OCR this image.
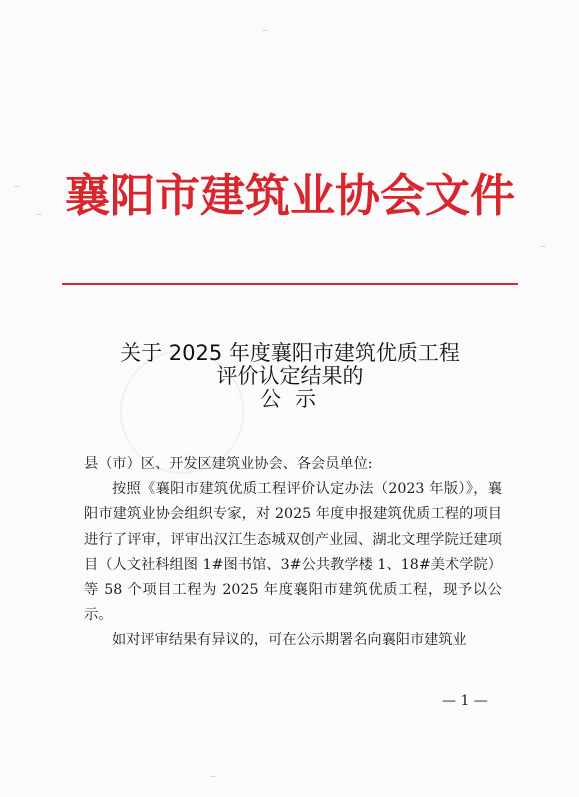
襄阳市建筑业协会文件
关于 2025 年度襄阳市建筑优质工程
评价认定结果的
公示

县（市）区、开发区建筑业协会、各会员单位:

按照《襄阳市建筑优质工程评价认定办法（2023 年版）》，襄阳市建筑业协会组织专家，对 2025 年度申报建筑优质工程的项目进行了评审，评审出汉江生态城双创产业园、湖北文理学院迁建项目（人文社科组图 1#图书馆、3#公共教学楼 1、18#美术学院）等 58 个项目工程为 2025 年度襄阳市建筑优质工程，现予以公示。

如对评审结果有异议的，可在公示期署名向襄阳市建筑业

— 1 —
